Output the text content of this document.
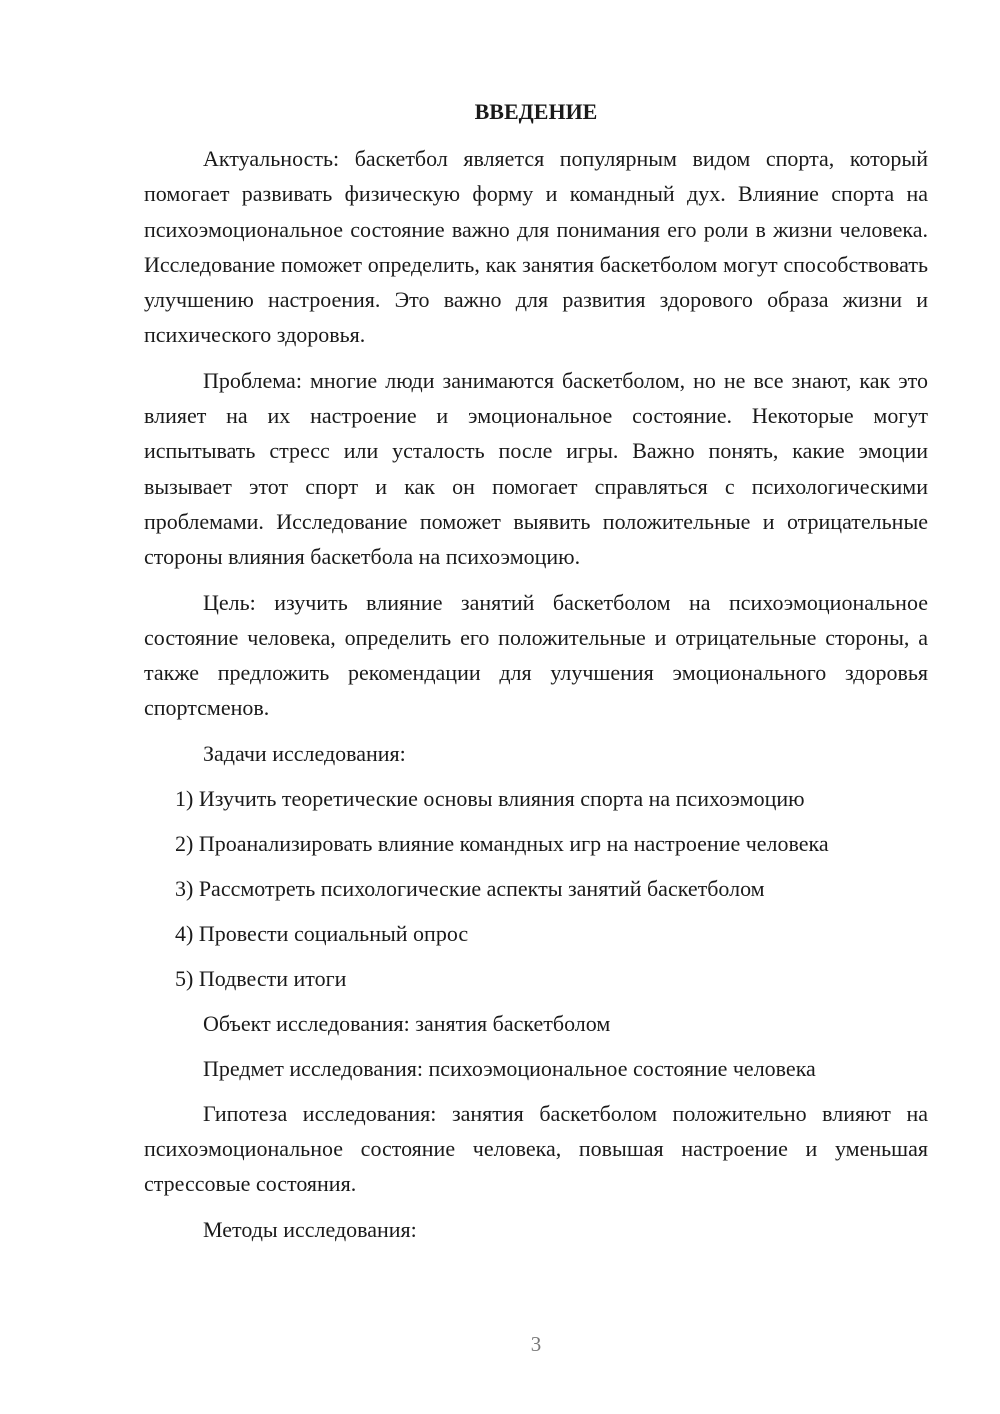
ВВЕДЕНИЕ

Актуальность: баскетбол является популярным видом спорта, который помогает развивать физическую форму и командный дух. Влияние спорта на психоэмоциональное состояние важно для понимания его роли в жизни человека. Исследование поможет определить, как занятия баскетболом могут способствовать улучшению настроения. Это важно для развития здорового образа жизни и психического здоровья.

Проблема: многие люди занимаются баскетболом, но не все знают, как это влияет на их настроение и эмоциональное состояние. Некоторые могут испытывать стресс или усталость после игры. Важно понять, какие эмоции вызывает этот спорт и как он помогает справляться с психологическими проблемами. Исследование поможет выявить положительные и отрицательные стороны влияния баскетбола на психоэмоцию.

Цель: изучить влияние занятий баскетболом на психоэмоциональное состояние человека, определить его положительные и отрицательные стороны, а также предложить рекомендации для улучшения эмоционального здоровья спортсменов.

Задачи исследования:
1) Изучить теоретические основы влияния спорта на психоэмоцию
2) Проанализировать влияние командных игр на настроение человека
3) Рассмотреть психологические аспекты занятий баскетболом
4) Провести социальный опрос
5) Подвести итоги
Объект исследования: занятия баскетболом
Предмет исследования: психоэмоциональное состояние человека

Гипотеза исследования: занятия баскетболом положительно влияют на психоэмоциональное состояние человека, повышая настроение и уменьшая стрессовые состояния.

Методы исследования:
3
